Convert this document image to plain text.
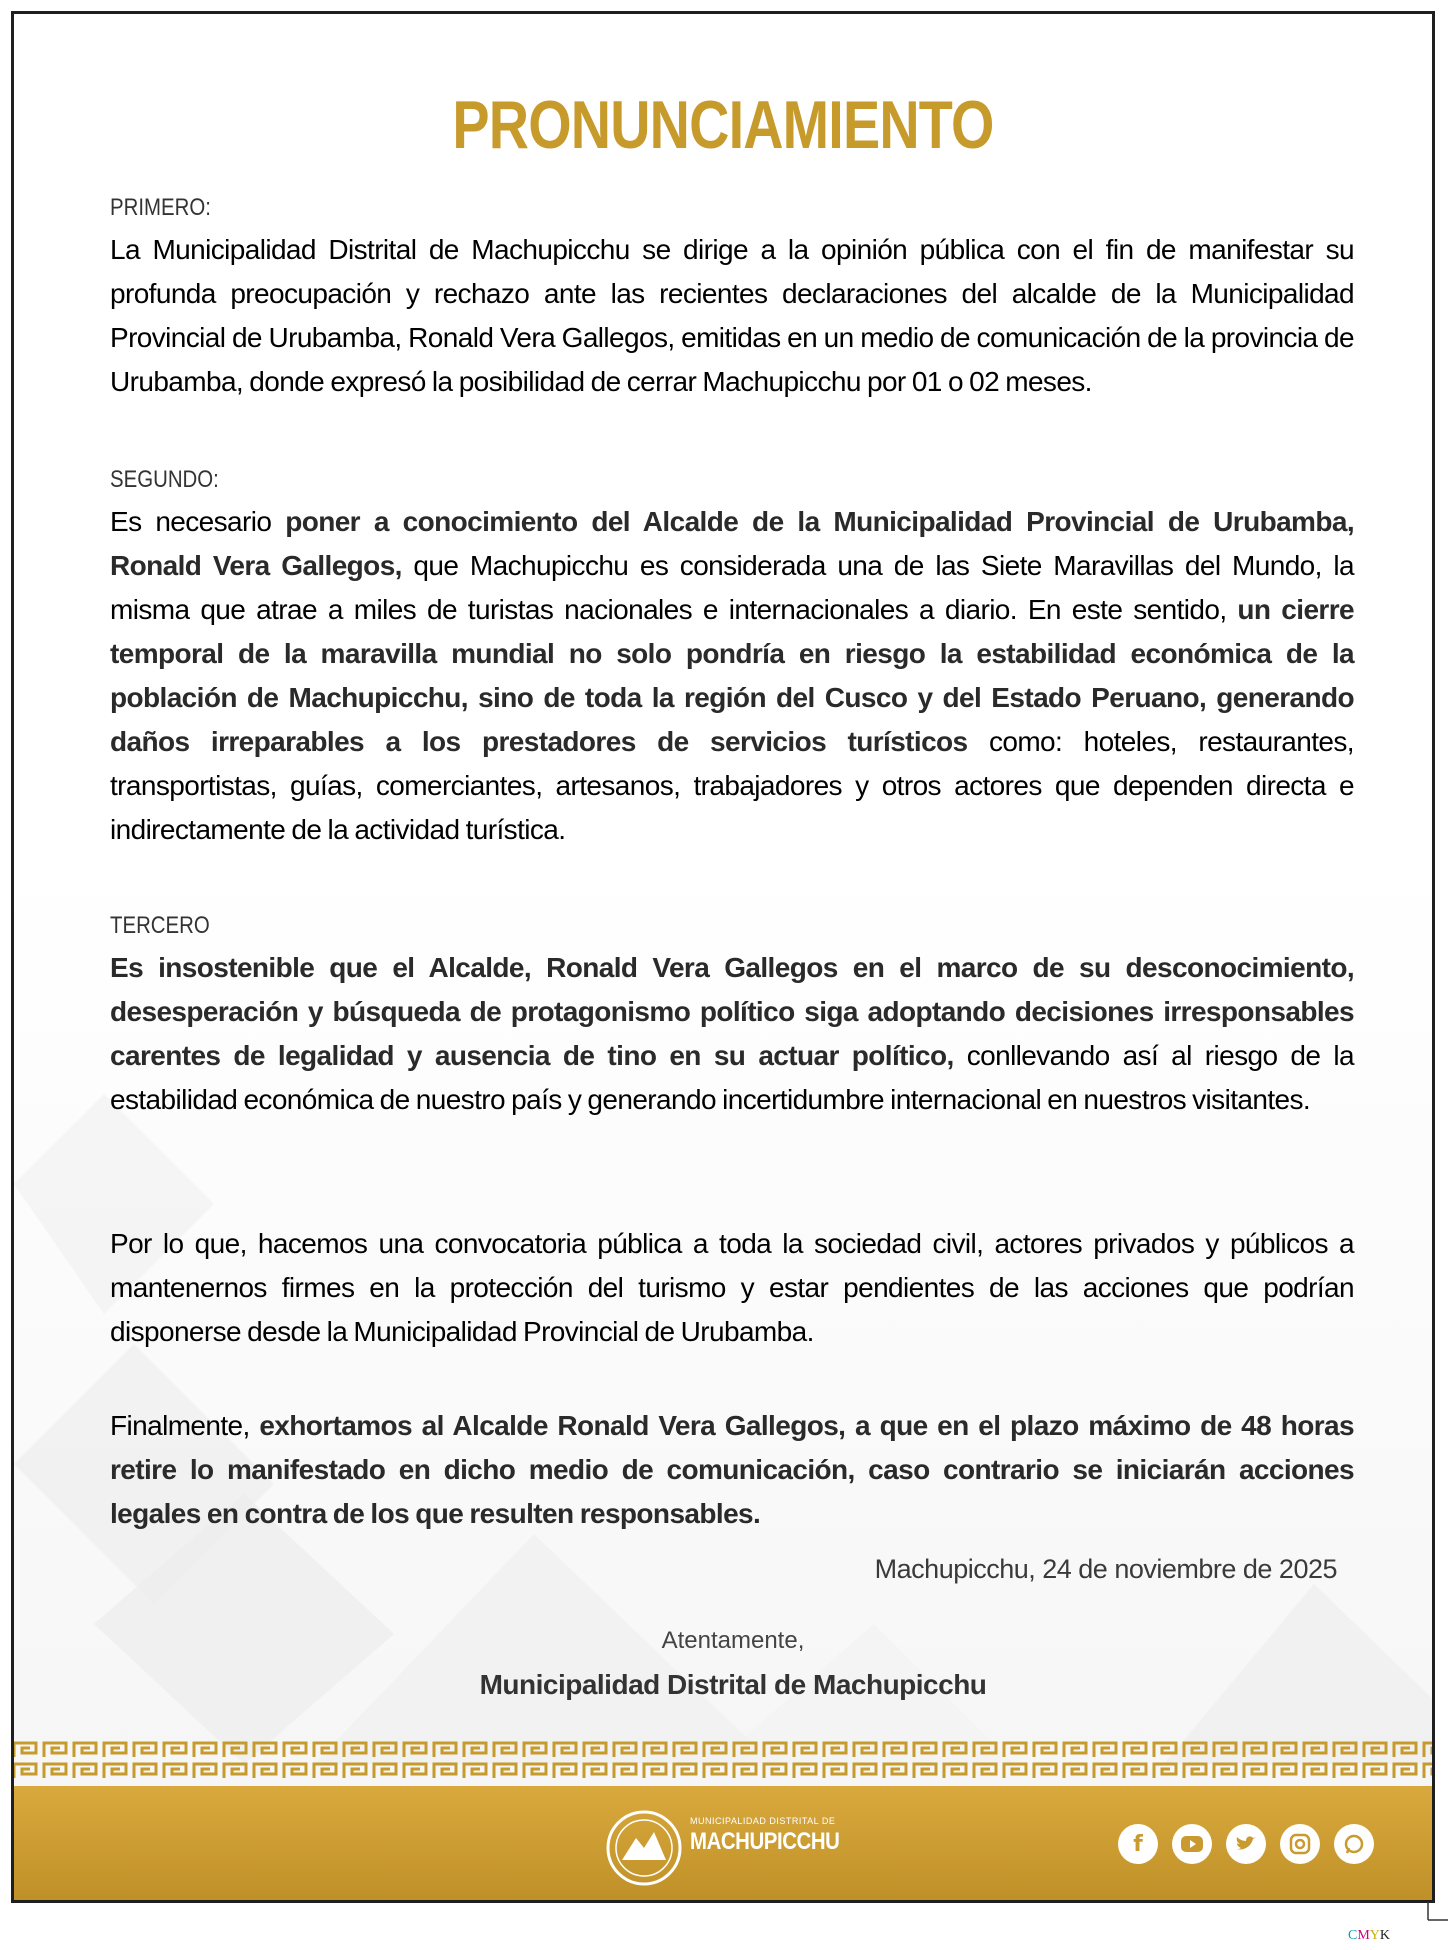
PRONUNCIAMIENTO
PRIMERO:

La Municipalidad Distrital de Machupicchu se dirige a la opinión pública con el fin de manifestar su profunda preocupación y rechazo ante las recientes declaraciones del alcalde de la Municipalidad Provincial de Urubamba, Ronald Vera Gallegos, emitidas en un medio de comunicación de la provincia de Urubamba, donde expresó la posibilidad de cerrar Machupicchu por 01 o 02 meses.

SEGUNDO:

Es necesario poner a conocimiento del Alcalde de la Municipalidad Provincial de Urubamba, Ronald Vera Gallegos, que Machupicchu es considerada una de las Siete Maravillas del Mundo, la misma que atrae a miles de turistas nacionales e internacionales a diario. En este sentido, un cierre temporal de la maravilla mundial no solo pondría en riesgo la estabilidad económica de la población de Machupicchu, sino de toda la región del Cusco y del Estado Peruano, generando daños irreparables a los prestadores de servicios turísticos como: hoteles, restaurantes, transportistas, guías, comerciantes, artesanos, trabajadores y otros actores que dependen directa e indirectamente de la actividad turística.

TERCERO

Es insostenible que el Alcalde, Ronald Vera Gallegos en el marco de su desconocimiento, desesperación y búsqueda de protagonismo político siga adoptando decisiones irresponsables carentes de legalidad y ausencia de tino en su actuar político, conllevando así al riesgo de la estabilidad económica de nuestro país y generando incertidumbre internacional en nuestros visitantes.

Por lo que, hacemos una convocatoria pública a toda la sociedad civil, actores privados y públicos a mantenernos firmes en la protección del turismo y estar pendientes de las acciones que podrían disponerse desde la Municipalidad Provincial de Urubamba.

Finalmente, exhortamos al Alcalde Ronald Vera Gallegos, a que en el plazo máximo de 48 horas retire lo manifestado en dicho medio de comunicación, caso contrario se iniciarán acciones legales en contra de los que resulten responsables.

Machupicchu, 24 de noviembre de 2025
Atentamente,
Municipalidad Distrital de Machupicchu
MUNICIPALIDAD DISTRITAL DE
MACHUPICCHU	f
CMYK
